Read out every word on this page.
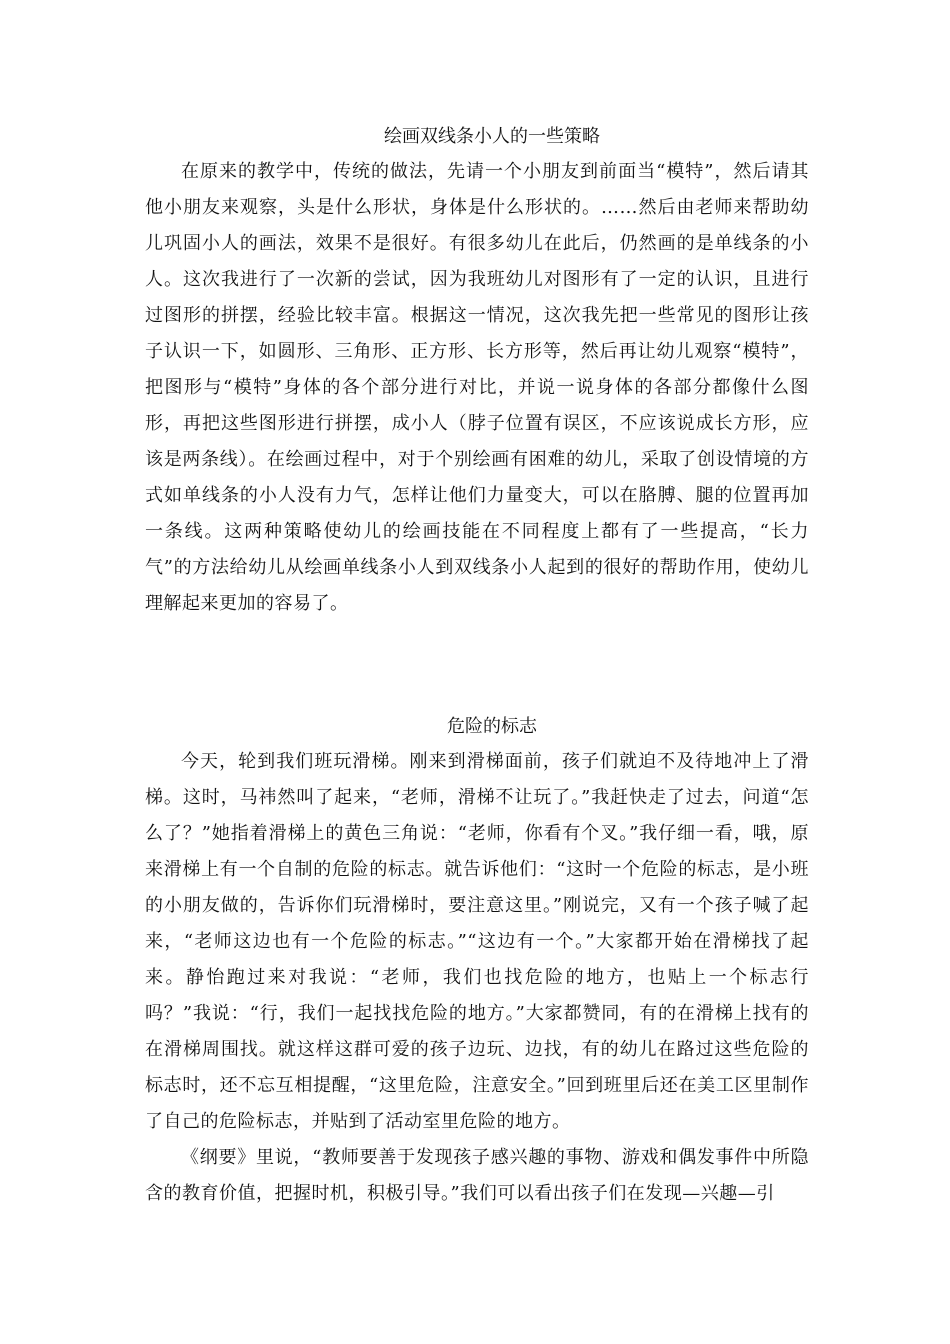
绘画双线条小人的一些策略

在原来的教学中，传统的做法，先请一个小朋友到前面当“模特”，然后请其他小朋友来观察，头是什么形状，身体是什么形状的。……然后由老师来帮助幼儿巩固小人的画法，效果不是很好。有很多幼儿在此后，仍然画的是单线条的小人。这次我进行了一次新的尝试，因为我班幼儿对图形有了一定的认识，且进行过图形的拼摆，经验比较丰富。根据这一情况，这次我先把一些常见的图形让孩子认识一下，如圆形、三角形、正方形、长方形等，然后再让幼儿观察“模特”，把图形与“模特”身体的各个部分进行对比，并说一说身体的各部分都像什么图形，再把这些图形进行拼摆，成小人（脖子位置有误区，不应该说成长方形，应该是两条线）。在绘画过程中，对于个别绘画有困难的幼儿，采取了创设情境的方式如单线条的小人没有力气，怎样让他们力量变大，可以在胳膊、腿的位置再加一条线。这两种策略使幼儿的绘画技能在不同程度上都有了一些提高，“长力气”的方法给幼儿从绘画单线条小人到双线条小人起到的很好的帮助作用，使幼儿理解起来更加的容易了。

危险的标志

今天，轮到我们班玩滑梯。刚来到滑梯面前，孩子们就迫不及待地冲上了滑梯。这时，马祎然叫了起来，“老师，滑梯不让玩了。”我赶快走了过去，问道“怎么了？”她指着滑梯上的黄色三角说：“老师，你看有个叉。”我仔细一看，哦，原来滑梯上有一个自制的危险的标志。就告诉他们：“这时一个危险的标志，是小班的小朋友做的，告诉你们玩滑梯时，要注意这里。”刚说完，又有一个孩子喊了起来，“老师这边也有一个危险的标志。”“这边有一个。”大家都开始在滑梯找了起来。静怡跑过来对我说：“老师，我们也找危险的地方，也贴上一个标志行吗？”我说：“行，我们一起找找危险的地方。”大家都赞同，有的在滑梯上找有的在滑梯周围找。就这样这群可爱的孩子边玩、边找，有的幼儿在路过这些危险的标志时，还不忘互相提醒，“这里危险，注意安全。”回到班里后还在美工区里制作了自己的危险标志，并贴到了活动室里危险的地方。

《纲要》里说，“教师要善于发现孩子感兴趣的事物、游戏和偶发事件中所隐含的教育价值，把握时机，积极引导。”我们可以看出孩子们在发现—兴趣—引
